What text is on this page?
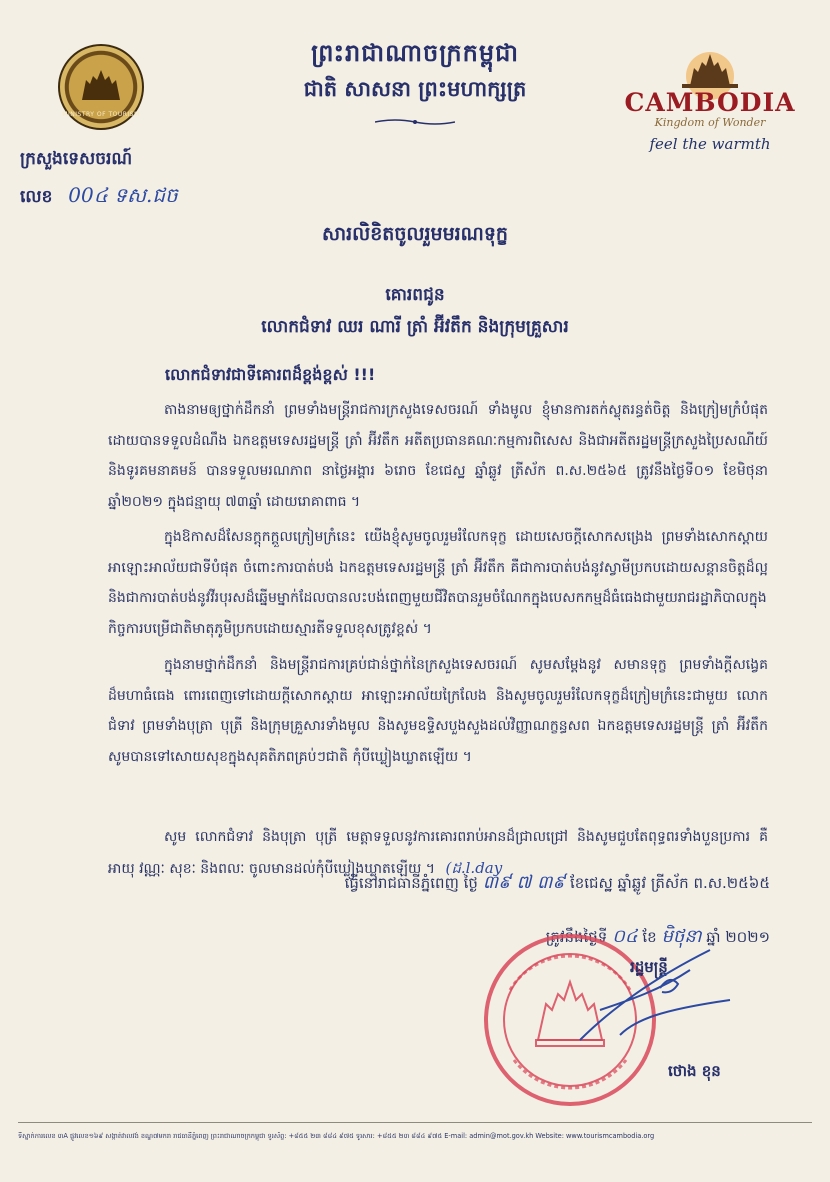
MINISTRY OF TOURISM
ព្រះរាជាណាចក្រកម្ពុជា
ជាតិ សាសនា ព្រះមហាក្សត្រ	CAMBODIA
Kingdom of Wonder
feel the warmth
ក្រសួងទេសចរណ៍
លេខ 00៤ ទស.ជច
សារលិខិតចូលរួមមរណទុក្ខ
គោរពជូន
លោកជំទាវ ឈរ ណារី ត្រាំ អ៊ីវតឹក និងក្រុមគ្រួសារ
លោកជំទាវជាទីគោរពដ៏ខ្ពង់ខ្ពស់ !!!
តាងនាមឲ្យថ្នាក់ដឹកនាំ ព្រមទាំងមន្ត្រីរាជការក្រសួងទេសចរណ៍ ទាំងមូល ខ្ញុំមានការតក់ស្លុតរន្ធត់ចិត្ត និងក្រៀមក្រំបំផុតដោយបានទទួលដំណឹង ឯកឧត្តមទេសរដ្ឋមន្ត្រី ត្រាំ អ៊ីវតឹក អតីតប្រធានគណៈកម្មការពិសេស និងជាអតីតរដ្ឋមន្ត្រីក្រសួងប្រៃសណីយ៍ និងទូរគមនាគមន៍ បានទទួលមរណភាព នាថ្ងៃអង្គារ ៦រោច ខែជេស្ឋ ឆ្នាំឆ្លូវ ត្រីស័ក ព.ស.២៥៦៥ ត្រូវនឹងថ្ងៃទី០១ ខែមិថុនា ឆ្នាំ២០២១ ក្នុងជន្មាយុ ៧៣ឆ្នាំ ដោយរោគាពាធ ។
ក្នុងឱកាសដ៏សែនក្តុកក្តួលក្រៀមក្រំនេះ យើងខ្ញុំសូមចូលរួមរំលែកទុក្ខ ដោយសេចក្តីសោកសង្រេង ព្រមទាំងសោកស្តាយ អាឡោះអាល័យជាទីបំផុត ចំពោះការបាត់បង់ ឯកឧត្តមទេសរដ្ឋមន្ត្រី ត្រាំ អ៊ីវតឹក គឺជាការបាត់បង់នូវស្វាមីប្រកបដោយសន្តានចិត្តដ៏ល្អ និងជាការបាត់បង់នូវវីរបុរសដ៏ឆ្នើមម្នាក់ដែលបានលះបង់ពេញមួយជីវិតបានរួមចំណែកក្នុងបេសកកម្មដ៏ធំធេងជាមួយរាជរដ្ឋាភិបាលក្នុងកិច្ចការបម្រើជាតិមាតុភូមិប្រកបដោយស្មារតីទទួលខុសត្រូវខ្ពស់ ។
ក្នុងនាមថ្នាក់ដឹកនាំ និងមន្ត្រីរាជការគ្រប់ជាន់ថ្នាក់នៃក្រសួងទេសចរណ៍ សូមសម្តែងនូវ សមានទុក្ខ ព្រមទាំងក្តីសង្វេគដ៏មហាធំធេង ពោរពេញទៅដោយក្តីសោកស្តាយ អាឡោះអាល័យក្រៃលែង និងសូមចូលរួមរំលែកទុក្ខដ៏ក្រៀមក្រំនេះជាមួយ លោកជំទាវ ព្រមទាំងបុត្រា បុត្រី និងក្រុមគ្រួសារទាំងមូល និងសូមឧទ្ទិសបួងសួងដល់វិញ្ញាណក្ខន្ធសព ឯកឧត្តមទេសរដ្ឋមន្ត្រី ត្រាំ អ៊ីវតឹក សូមបានទៅសោយសុខក្នុងសុគតិភពគ្រប់ៗជាតិ កុំបីឃ្លៀងឃ្លាតឡើយ ។
សូម លោកជំទាវ និងបុត្រា បុត្រី មេត្តាទទួលនូវការគោរពរាប់អានដ៏ជ្រាលជ្រៅ និងសូមជួបតែពុទ្ធពរទាំងបួនប្រការ គឺ អាយុ វណ្ណៈ សុខៈ និងពលៈ ចូលមានដល់កុំបីឃ្លៀងឃ្លាតឡើយ ។ (ដ.l.day
ធ្វើនៅរាជធានីភ្នំពេញ ថ្ងៃ ៣៩ ៧ ៣៩ ខែជេស្ឋ ឆ្នាំឆ្លូវ ត្រីស័ក ព.ស.២៥៦៥
ត្រូវនឹងថ្ងៃទី ០៤ ខែ មិថុនា ឆ្នាំ ២០២១
រដ្ឋមន្ត្រី
ថោង ខុន
ទីស្នាក់ការលេខ ៣A ផ្លូវលេខ១៦៩ សង្កាត់វាលវង់ ខណ្ឌ៧មករា រាជធានីភ្នំពេញ ព្រះរាជាណាចក្រកម្ពុជា ទូរស័ព្ទ: +៨៥៥ ២៣ ៨៨៤ ៩៧៥ ទូរសារ: +៨៥៥ ២៣ ៨៨៤ ៩៧៥ E-mail: admin@mot.gov.kh Website: www.tourismcambodia.org
